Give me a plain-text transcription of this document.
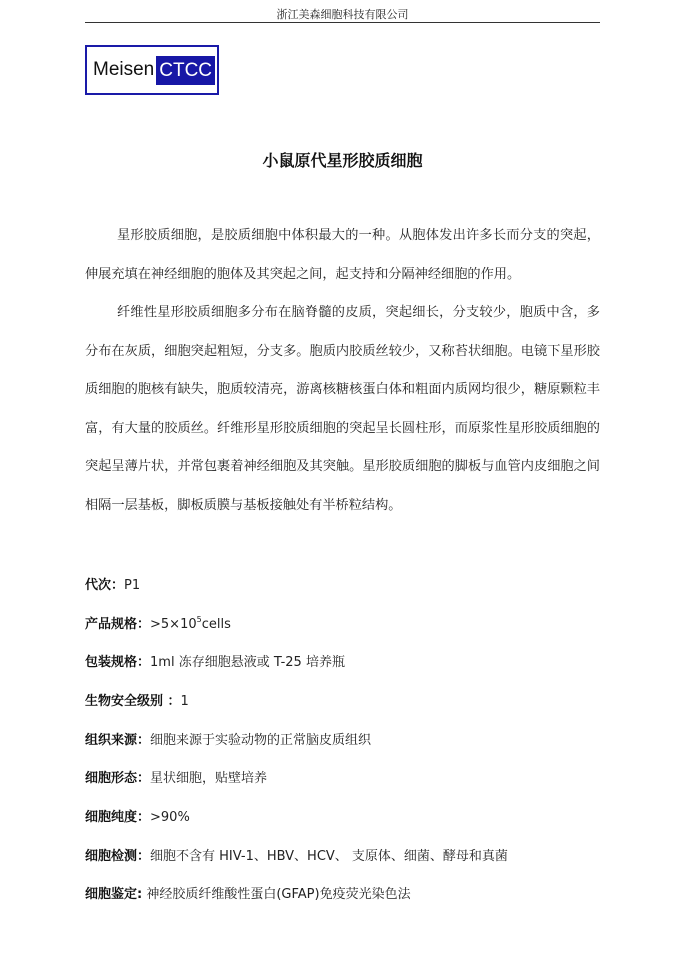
浙江美森细胞科技有限公司
Meisen CTCC
小鼠原代星形胶质细胞

星形胶质细胞，是胶质细胞中体积最大的一种。从胞体发出许多长而分支的突起，伸展充填在神经细胞的胞体及其突起之间，起支持和分隔神经细胞的作用。

纤维性星形胶质细胞多分布在脑脊髓的皮质，突起细长，分支较少，胞质中含，多分布在灰质，细胞突起粗短，分支多。胞质内胶质丝较少，又称苔状细胞。电镜下星形胶质细胞的胞核有缺失，胞质较清亮，游离核糖核蛋白体和粗面内质网均很少，糖原颗粒丰富，有大量的胶质丝。纤维形星形胶质细胞的突起呈长圆柱形，而原浆性星形胶质细胞的突起呈薄片状，并常包裹着神经细胞及其突触。星形胶质细胞的脚板与血管内皮细胞之间相隔一层基板，脚板质膜与基板接触处有半桥粒结构。

代次：P1
产品规格：$>5\times 10^5cells$
包装规格：1ml 冻存细胞悬液或 T-25 培养瓶
生物安全级别 ：1
组织来源：细胞来源于实验动物的正常脑皮质组织
细胞形态：星状细胞，贴壁培养
细胞纯度：>90%
细胞检测：细胞不含有 HIV-1、HBV、HCV、 支原体、细菌、酵母和真菌
细胞鉴定: 神经胶质纤维酸性蛋白(GFAP)免疫荧光染色法
